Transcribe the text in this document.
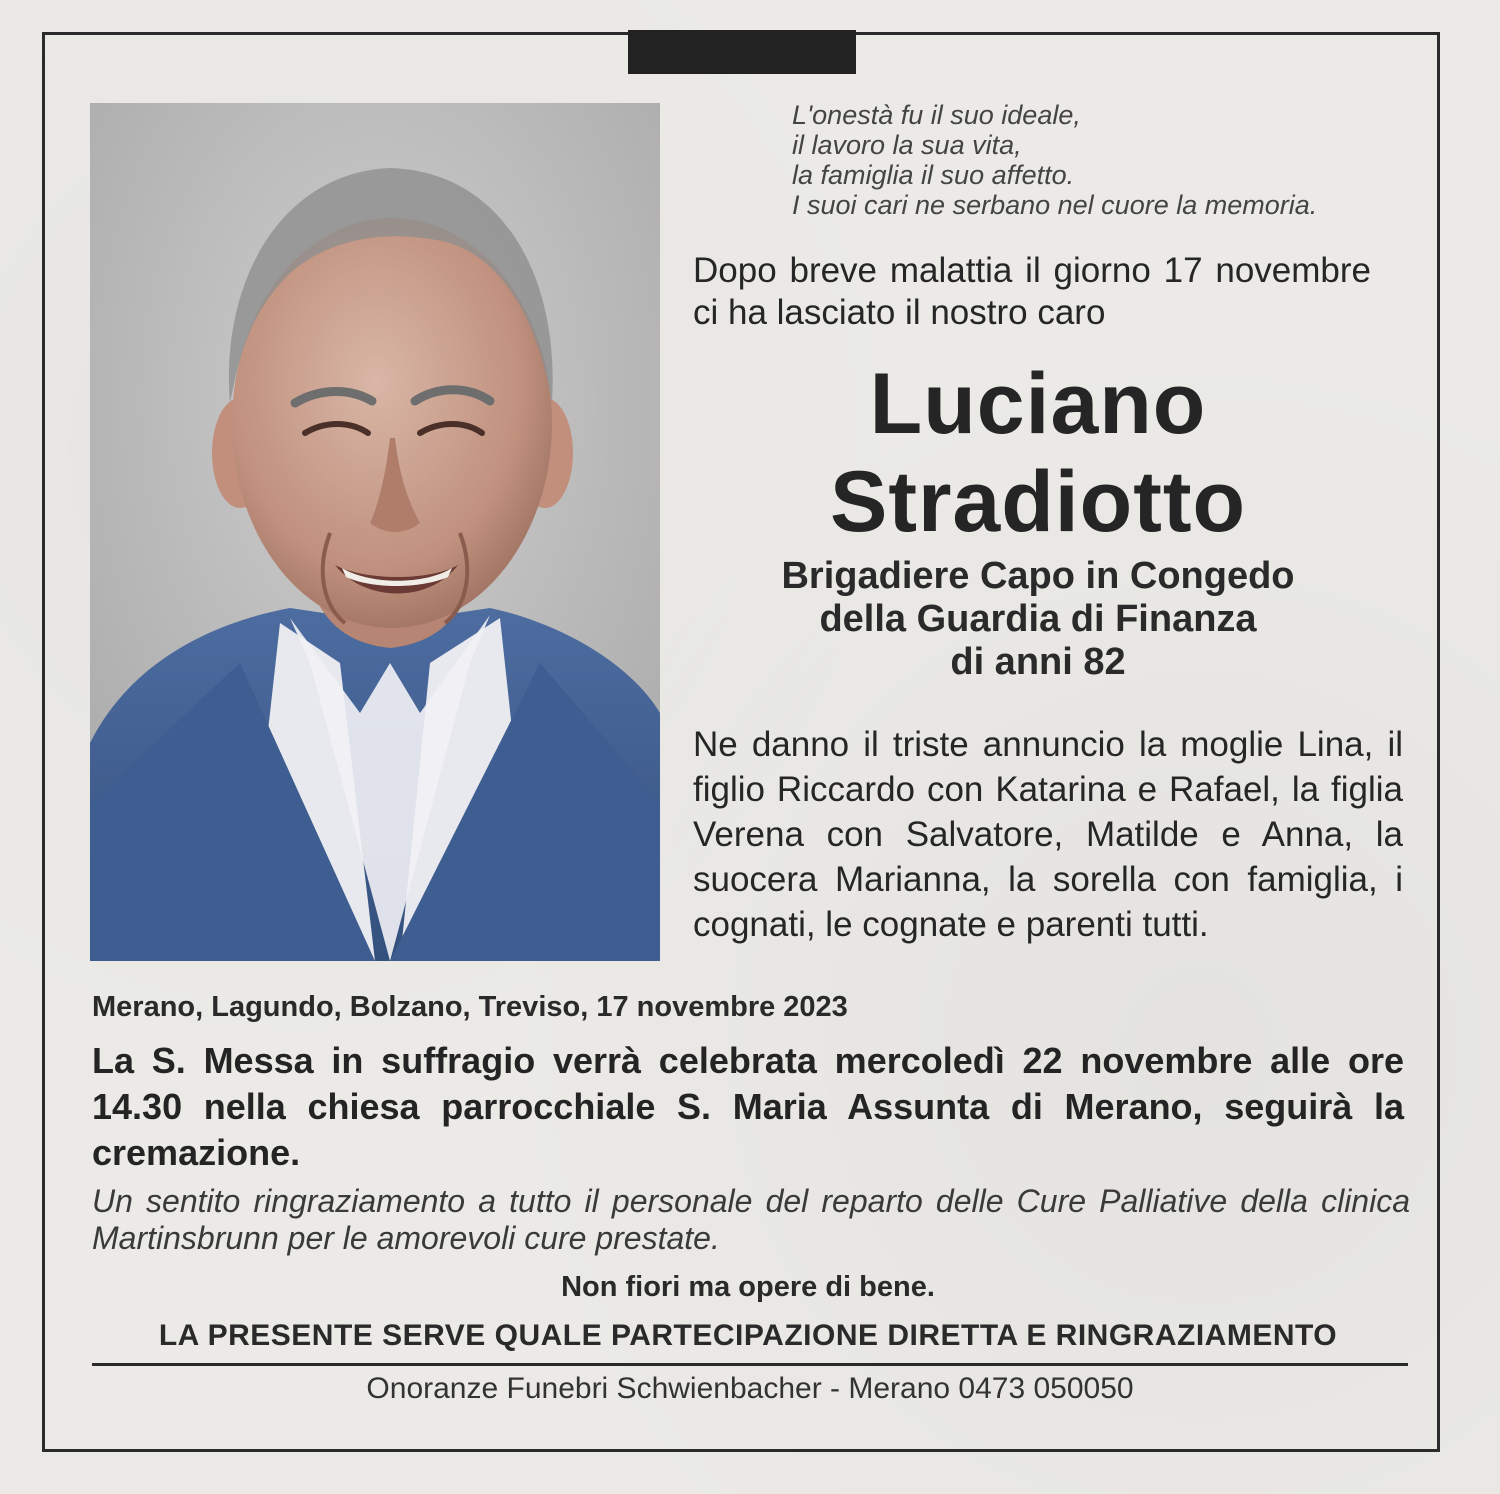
L'onestà fu il suo ideale,
il lavoro la sua vita,
la famiglia il suo affetto.
I suoi cari ne serbano nel cuore la memoria.
Dopo breve malattia il giorno 17 novembre ci ha lasciato il nostro caro
Luciano
Stradiotto
Brigadiere Capo in Congedo
della Guardia di Finanza
di anni 82
Ne danno il triste annuncio la moglie Lina, il figlio Riccardo con Katarina e Rafael, la figlia Verena con Salvatore, Matilde e Anna, la suocera Marianna, la sorella con famiglia, i cognati, le cognate e parenti tutti.
Merano, Lagundo, Bolzano, Treviso, 17 novembre 2023
La S. Messa in suffragio verrà celebrata mercoledì 22 novembre alle ore 14.30 nella chiesa parrocchiale S. Maria Assunta di Merano, seguirà la cremazione.
Un sentito ringraziamento a tutto il personale del reparto delle Cure Palliative della clinica Martinsbrunn per le amorevoli cure prestate.
Non fiori ma opere di bene.
LA PRESENTE SERVE QUALE PARTECIPAZIONE DIRETTA E RINGRAZIAMENTO
Onoranze Funebri Schwienbacher - Merano 0473 050050
